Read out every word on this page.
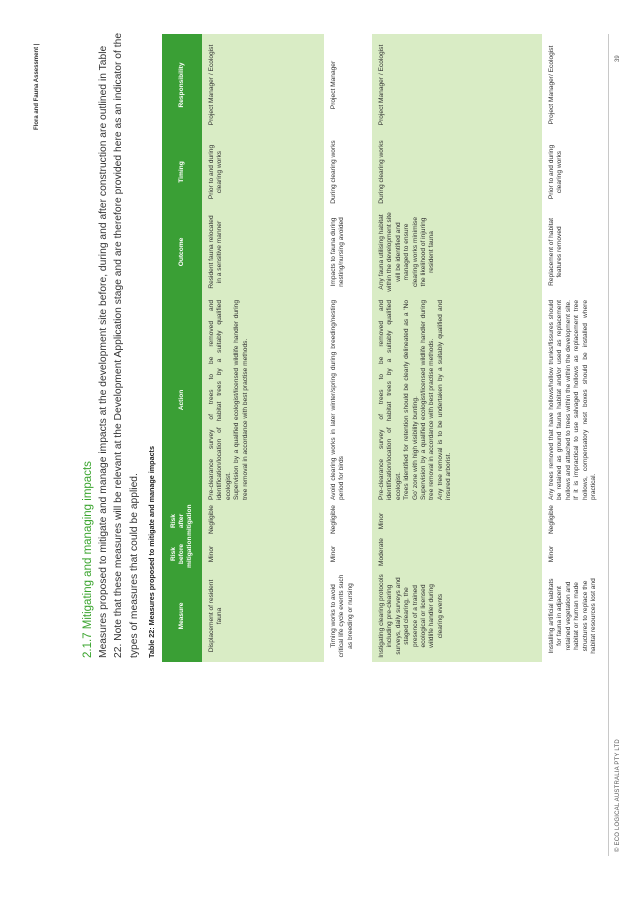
Flora and Fauna Assessment |
2.1.7 Mitigating and managing impacts Measures proposed to mitigate and manage impacts at the development site before, during and after construction are outlined in Table 22. Note that these measures will be relevant at the Development Application stage and are therefore provided here as an indicator of the types of measures that could be applied. Table 22: Measures proposed to mitigate and manage impacts	Measure	Risk before mitigation	Risk after mitigation	Action	Outcome	Timing	Responsibility
Displacement of resident fauna	Minor	Negligible	Pre-clearance survey of trees to be removed and identification/location of habitat trees by a suitably qualified ecologist. Supervision by a qualified ecologist/licensed wildlife handler during tree removal in accordance with best practise methods.	Resident fauna relocated in a sensitive manner	Prior to and during clearing works	Project Manager / Ecologist
Timing works to avoid critical life cycle events such as breeding or nursing	Minor	Negligible	Avoid clearing works in later winter/spring during breeding/nesting period for birds	Impacts to fauna during nesting/nursing avoided	During clearing works	Project Manager
Instigating clearing protocols including pre-clearing surveys, daily surveys and staged clearing, the presence of a trained ecological or licensed wildlife handler during clearing events	Moderate	Minor	Pre-clearance survey of trees to be removed and identification/location of habitat trees by a suitably qualified ecologist. Trees identified for retention should be clearly delineated as a 'No Go' zone with high visibility bunting. Supervision by a qualified ecologist/licensed wildlife handler during tree removal in accordance with best practise methods. Any tree removal is to be undertaken by a suitably qualified and insured arborist.	Any fauna utilising habitat within the development site will be identified and managed to ensure clearing works minimise the likelihood of injuring resident fauna	During clearing works	Project Manager / Ecologist
Installing artificial habitats for fauna in adjacent retained vegetation and habitat or human made structures to replace the habitat resources lost and	Minor	Negligible	Any trees removed that have hollows/hollow trunks/fissures should be retained as ground fauna habitat and/or used as replacement hollows and attached to trees within the within the development site. If it is impractical to use salvaged hollows as replacement tree hollows, compensatory nest boxes should be installed where practical.	Replacement of habitat features removed	Prior to and during clearing works	Project Manager/ Ecologist
© ECO LOGICAL AUSTRALIA PTY LTD
39
